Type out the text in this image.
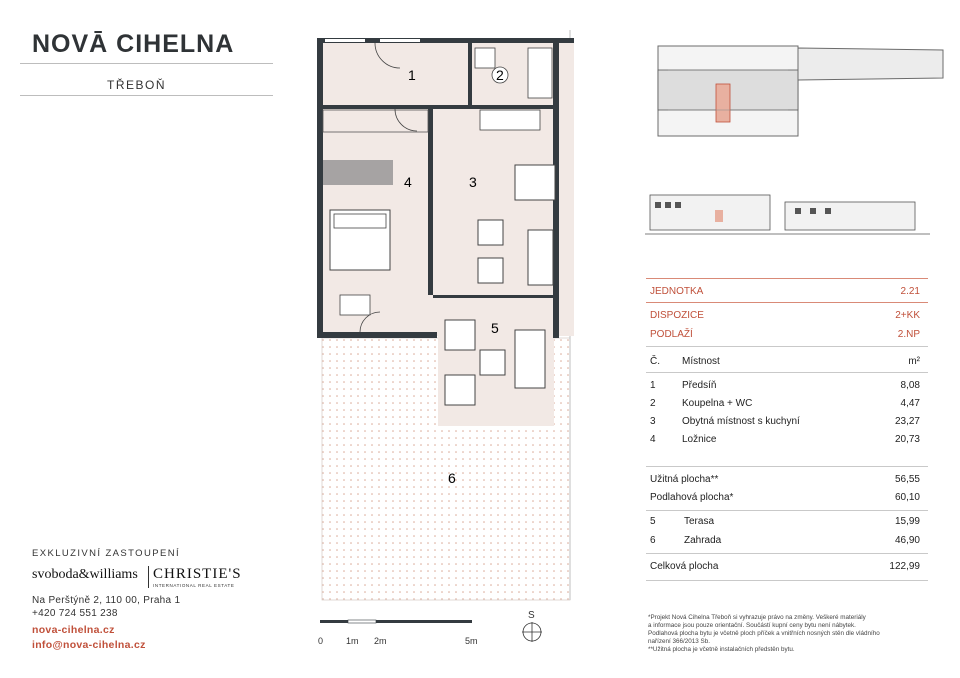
NOVĀ CIHELNA
TŘEBOŇ
EXKLUZIVNÍ ZASTOUPENÍ
svoboda&williams CHRISTIE'S
INTERNATIONAL REAL ESTATE
Na Perštýně 2, 110 00, Praha 1
+420 724 551 238
nova-cihelna.cz
info@nova-cihelna.cz
1	2
3
4
5
6
0	1m 2m	5m
S
JEDNOTKA	2.21
DISPOZICE	2+KK
PODLAŽÍ	2.NP
Č. Místnost	m²
1	Předsíň	8,08
2	Koupelna + WC	4,47
3	Obytná místnost s kuchyní	23,27
4	Ložnice	20,73
Užitná plocha**	56,55
Podlahová plocha*	60,10
5	Terasa	15,99
6	Zahrada	46,90
Celková plocha	122,99
*Projekt Nová Cihelna Třeboň si vyhrazuje právo na změny. Veškeré materiály
a informace jsou pouze orientační. Součástí kupní ceny bytu není nábytek.
Podlahová plocha bytu je včetně ploch příček a vnitřních nosných stěn dle vládního
nařízení 366/2013 Sb.
**Užitná plocha je včetně instalačních předstěn bytu.
